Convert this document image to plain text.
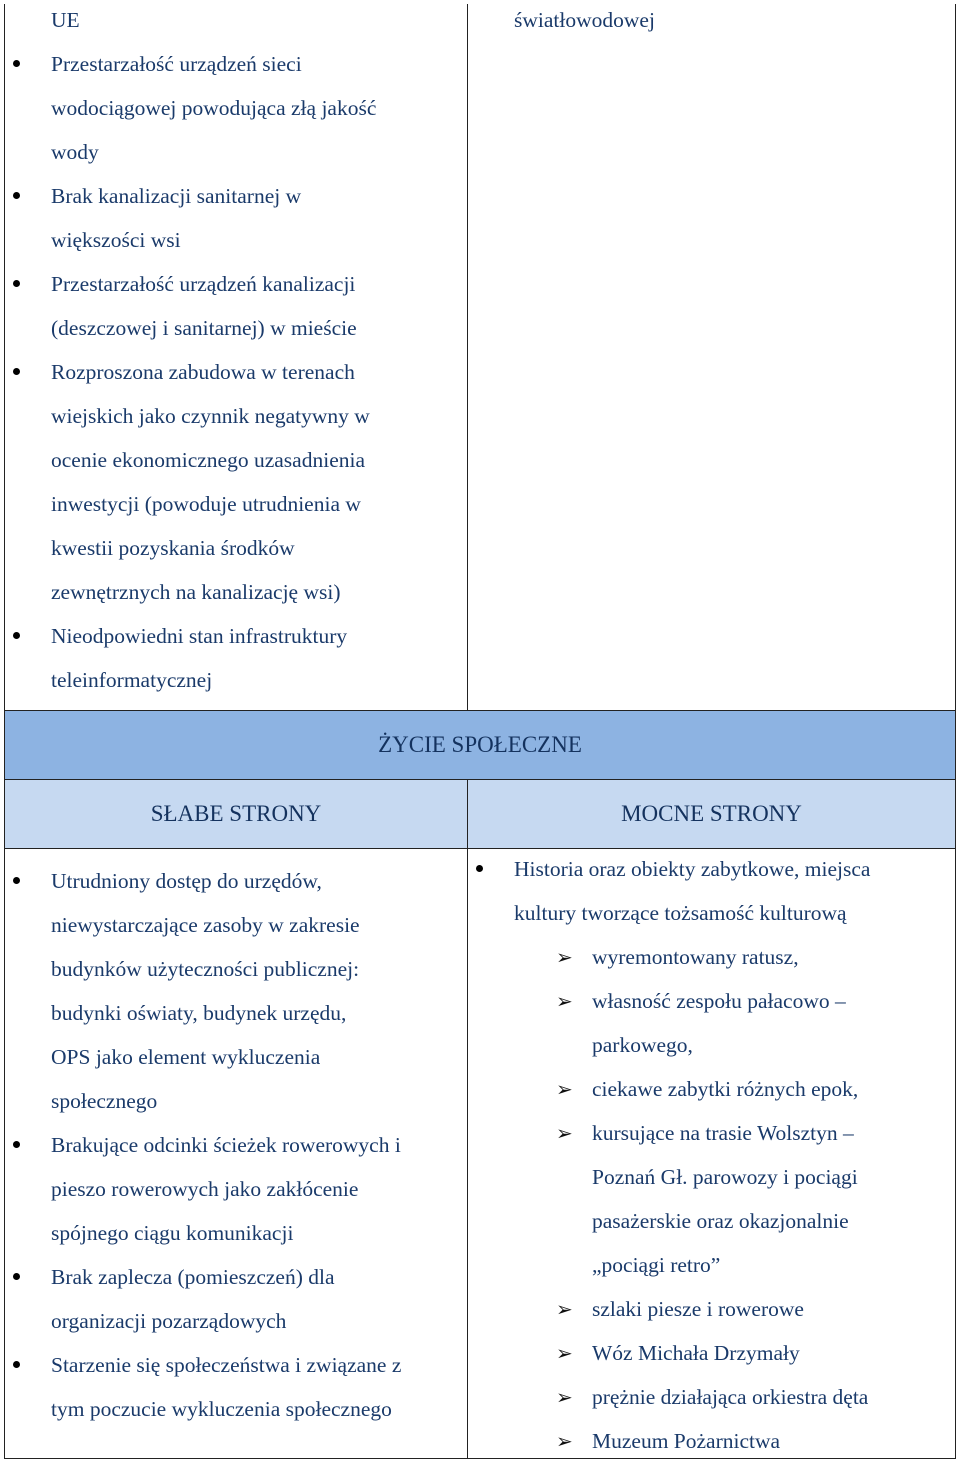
UE
Przestarzałość urządzeń sieci
wodociągowej powodująca złą jakość
wody
Brak kanalizacji sanitarnej w
większości wsi
Przestarzałość urządzeń kanalizacji
(deszczowej i sanitarnej) w mieście
Rozproszona zabudowa w terenach
wiejskich jako czynnik negatywny w
ocenie ekonomicznego uzasadnienia
inwestycji (powoduje utrudnienia w
kwestii pozyskania środków
zewnętrznych na kanalizację wsi)
Nieodpowiedni stan infrastruktury
teleinformatycznej
światłowodowej
ŻYCIE SPOŁECZNE
SŁABE STRONY	MOCNE STRONY
Utrudniony dostęp do urzędów,
niewystarczające zasoby w zakresie
budynków użyteczności publicznej:
budynki oświaty, budynek urzędu,
OPS jako element wykluczenia
społecznego
Brakujące odcinki ścieżek rowerowych i
pieszo rowerowych jako zakłócenie
spójnego ciągu komunikacji
Brak zaplecza (pomieszczeń) dla
organizacji pozarządowych
Starzenie się społeczeństwa i związane z
tym poczucie wykluczenia społecznego
Historia oraz obiekty zabytkowe, miejsca
kultury tworzące tożsamość kulturową
➢ wyremontowany ratusz,
➢ własność zespołu pałacowo –
parkowego,
➢ ciekawe zabytki różnych epok,
➢ kursujące na trasie Wolsztyn –
Poznań Gł. parowozy i pociągi
pasażerskie oraz okazjonalnie
„pociągi retro”
➢ szlaki piesze i rowerowe
➢ Wóz Michała Drzymały
➢ prężnie działająca orkiestra dęta
➢ Muzeum Pożarnictwa
